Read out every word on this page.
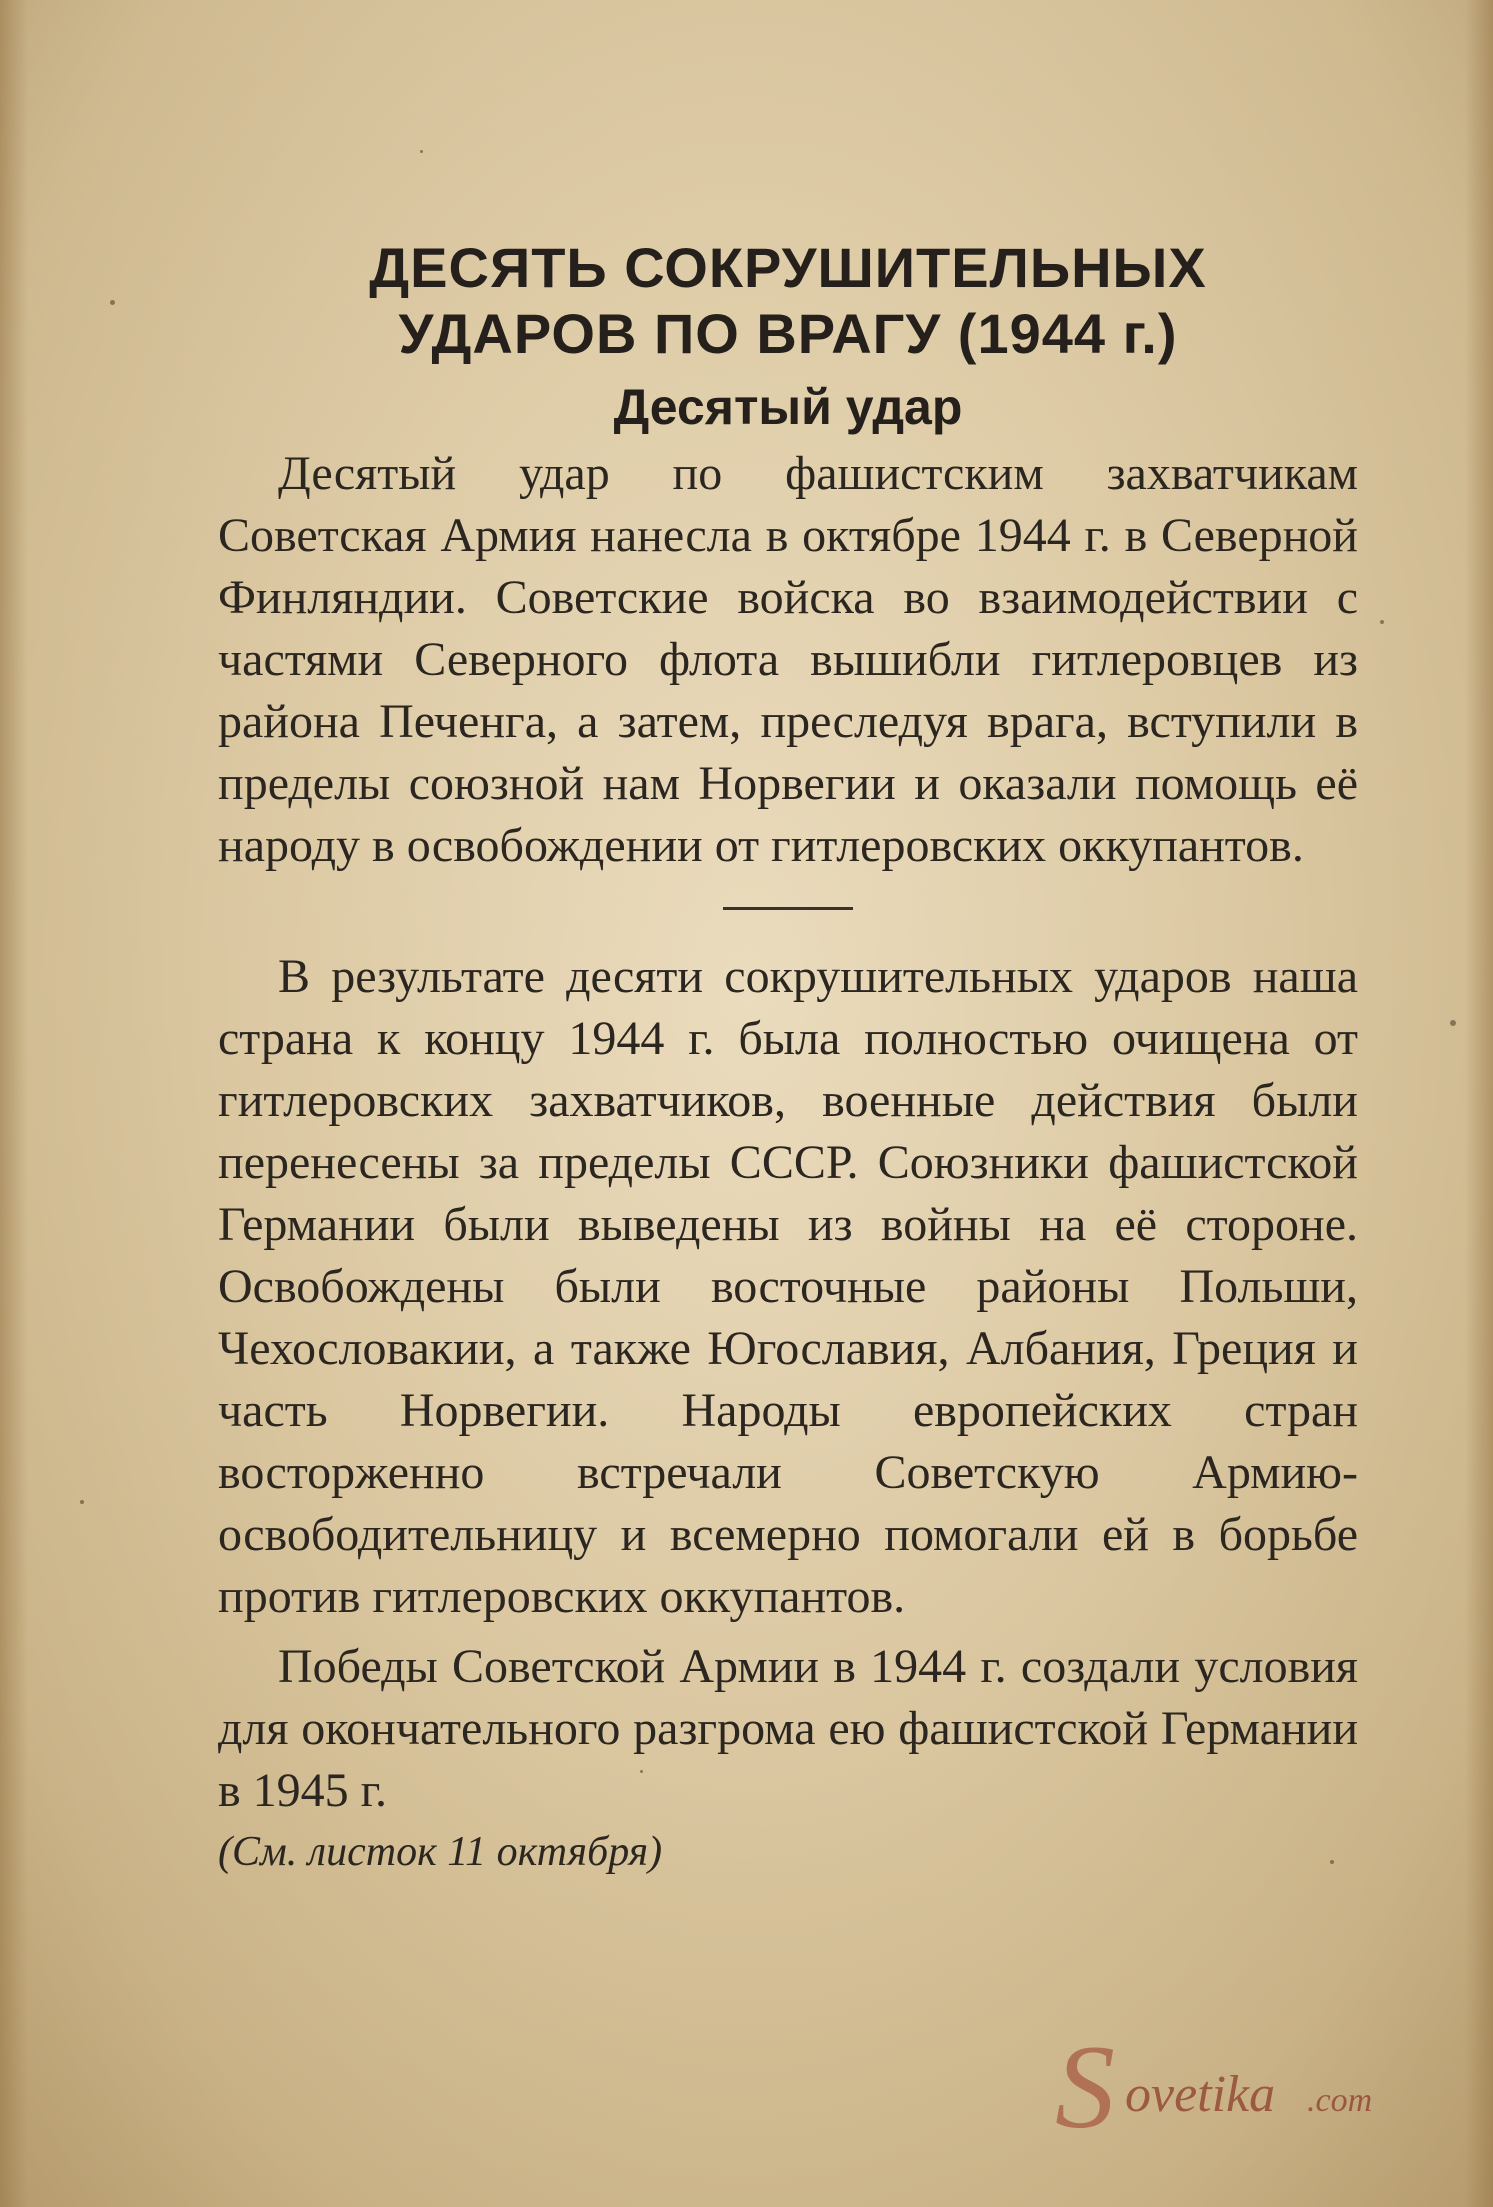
ДЕСЯТЬ СОКРУШИТЕЛЬНЫХ
УДАРОВ ПО ВРАГУ (1944 г.)
Десятый удар

Десятый удар по фашистским захватчикам Советская Армия нанесла в октябре 1944 г. в Северной Финляндии. Советские войска во взаимодействии с частями Северного флота вышибли гитлеровцев из района Печенга, а затем, преследуя врага, вступили в пределы союзной нам Норвегии и оказали помощь её народу в освобождении от гитлеровских оккупантов.

В результате десяти сокрушительных ударов наша страна к концу 1944 г. была полностью очищена от гитлеровских захватчиков, военные действия были перенесены за пределы СССР. Союзники фашистской Германии были выведены из войны на её стороне. Освобождены были восточные районы Польши, Чехословакии, а также Югославия, Албания, Греция и часть Норвегии. Народы европейских стран восторженно встречали Советскую Армию-освободительницу и всемерно помогали ей в борьбе против гитлеровских оккупантов.

Победы Советской Армии в 1944 г. создали условия для окончательного разгрома ею фашистской Германии в 1945 г.

(См. листок 11 октября)

S ovetika .com
